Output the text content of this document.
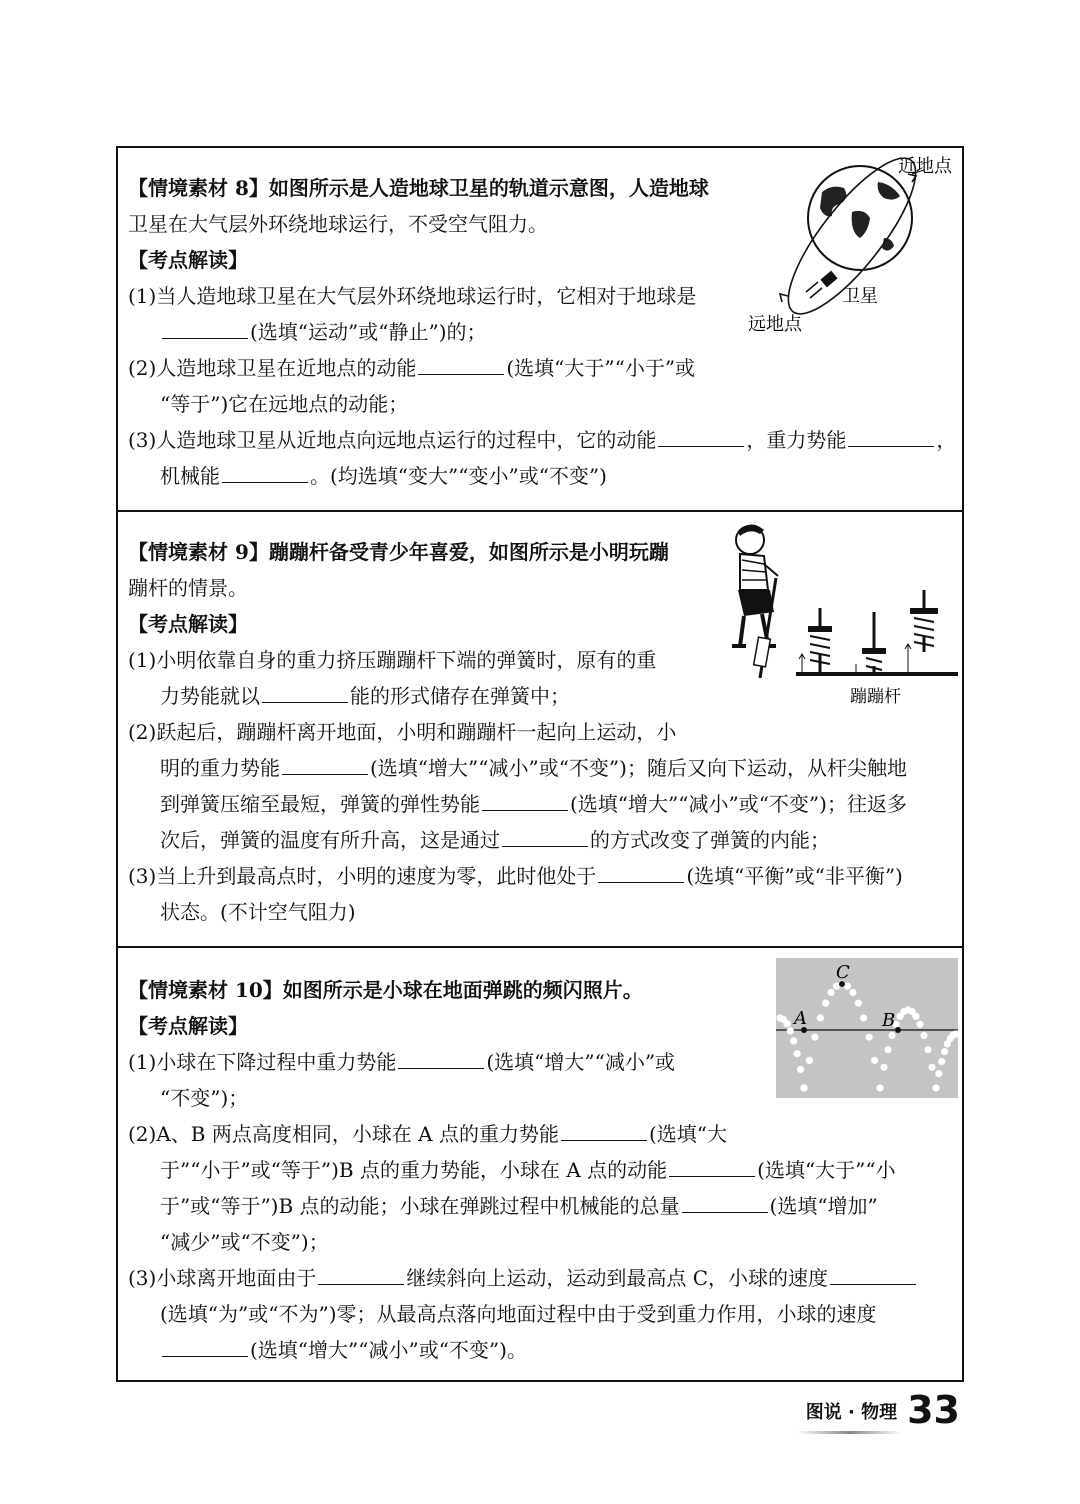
【情境素材 8】如图所示是人造地球卫星的轨道示意图，人造地球
卫星在大气层外环绕地球运行，不受空气阻力。
【考点解读】
(1)当人造地球卫星在大气层外环绕地球运行时，它相对于地球是
(选填“运动”或“静止”)的；
(2)人造地球卫星在近地点的动能	(选填“大于”“小于”或
“等于”)它在远地点的动能；
(3)人造地球卫星从近地点向远地点运行的过程中，它的动能	，重力势能	，
机械能	。(均选填“变大”“变小”或“不变”)
近地点
远地点
卫星
【情境素材 9】蹦蹦杆备受青少年喜爱，如图所示是小明玩蹦
蹦杆的情景。
【考点解读】
(1)小明依靠自身的重力挤压蹦蹦杆下端的弹簧时，原有的重
力势能就以	能的形式储存在弹簧中；
(2)跃起后，蹦蹦杆离开地面，小明和蹦蹦杆一起向上运动，小
明的重力势能	(选填“增大”“减小”或“不变”)；随后又向下运动，从杆尖触地
到弹簧压缩至最短，弹簧的弹性势能	(选填“增大”“减小”或“不变”)；往返多
次后，弹簧的温度有所升高，这是通过	的方式改变了弹簧的内能；
(3)当上升到最高点时，小明的速度为零，此时他处于	(选填“平衡”或“非平衡”)
状态。(不计空气阻力)
蹦蹦杆
【情境素材 10】如图所示是小球在地面弹跳的频闪照片。
【考点解读】
(1)小球在下降过程中重力势能	(选填“增大”“减小”或
“不变”)；
(2)A、B 两点高度相同，小球在 A 点的重力势能	(选填“大
于”“小于”或“等于”)B 点的重力势能，小球在 A 点的动能	(选填“大于”“小
于”或“等于”)B 点的动能；小球在弹跳过程中机械能的总量	(选填“增加”
“减少”或“不变”)；
(3)小球离开地面由于	继续斜向上运动，运动到最高点 C，小球的速度
(选填“为”或“不为”)零；从最高点落向地面过程中由于受到重力作用，小球的速度
(选填“增大”“减小”或“不变”)。
A	B
C
图说 · 物理 33
